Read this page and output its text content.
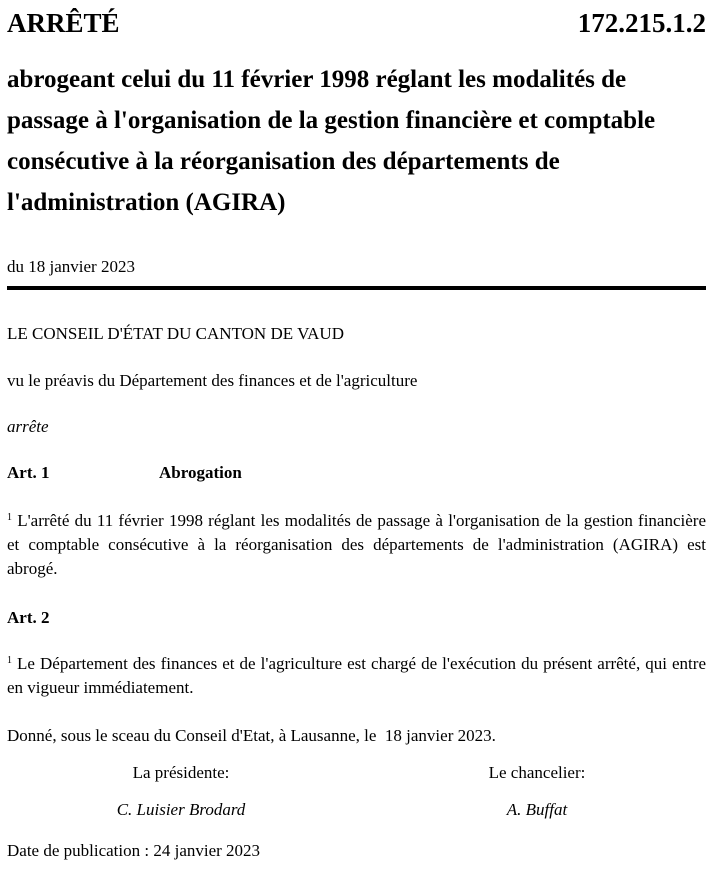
ARRÊTÉ	172.215.1.2
abrogeant celui du 11 février 1998 réglant les modalités de passage à l'organisation de la gestion financière et comptable consécutive à la réorganisation des départements de l'administration (AGIRA)
du 18 janvier 2023
LE CONSEIL D'ÉTAT DU CANTON DE VAUD
vu le préavis du Département des finances et de l'agriculture
arrête
Art. 1	Abrogation
$^1$ L'arrêté du 11 février 1998 réglant les modalités de passage à l'organisation de la gestion financière et comptable consécutive à la réorganisation des départements de l'administration (AGIRA) est abrogé.
Art. 2
$^1$ Le Département des finances et de l'agriculture est chargé de l'exécution du présent arrêté, qui entre en vigueur immédiatement.
Donné, sous le sceau du Conseil d'Etat, à Lausanne, le  18 janvier 2023.
La présidente:	Le chancelier:
C. Luisier Brodard	A. Buffat
Date de publication : 24 janvier 2023
